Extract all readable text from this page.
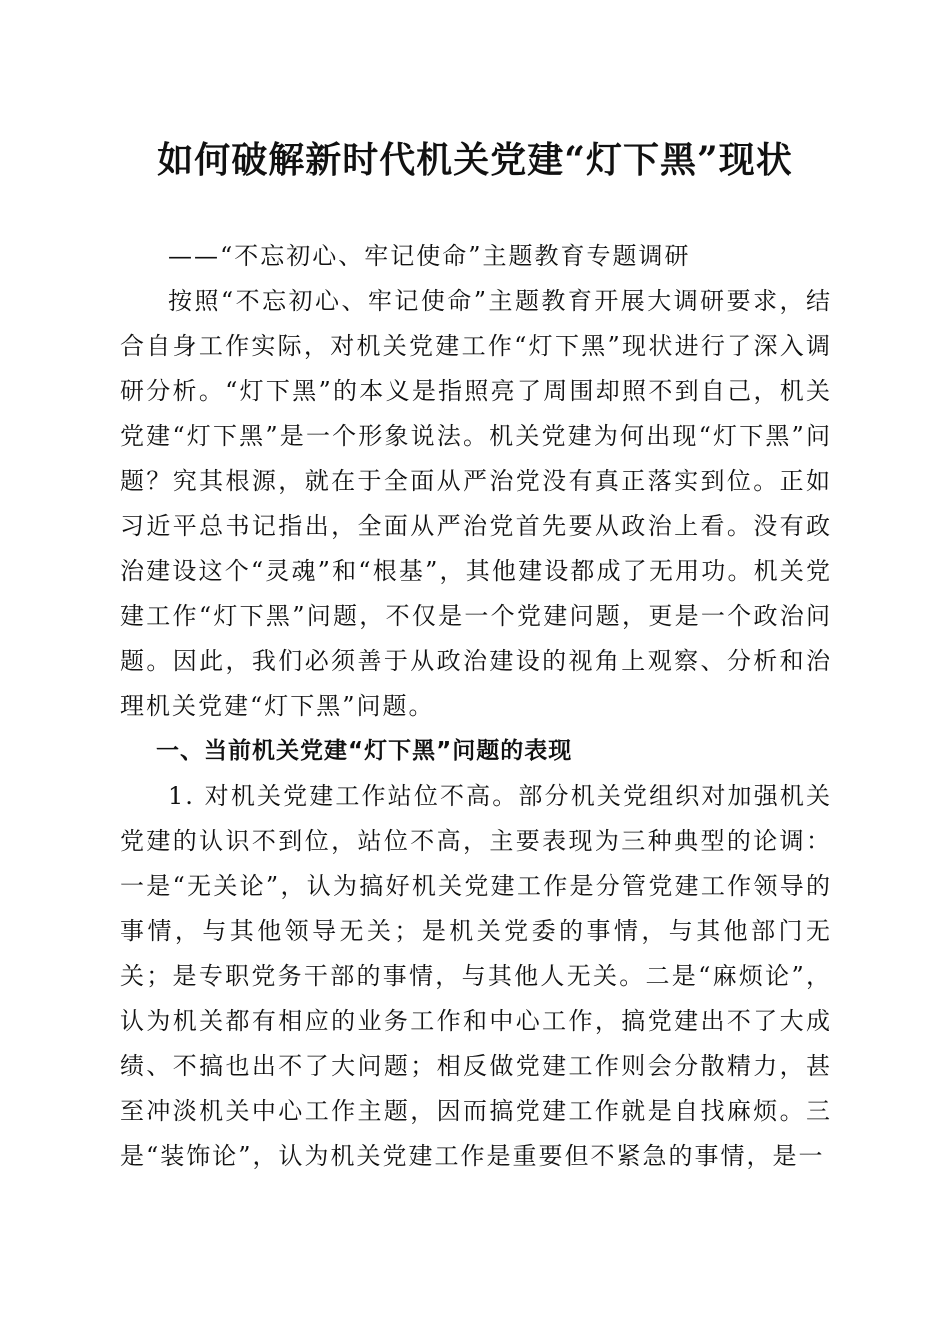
如何破解新时代机关党建“灯下黑”现状

——“不忘初心、牢记使命”主题教育专题调研

按照“不忘初心、牢记使命”主题教育开展大调研要求，结合自身工作实际，对机关党建工作“灯下黑”现状进行了深入调研分析。“灯下黑”的本义是指照亮了周围却照不到自己，机关党建“灯下黑”是一个形象说法。机关党建为何出现“灯下黑”问题？究其根源，就在于全面从严治党没有真正落实到位。正如习近平总书记指出，全面从严治党首先要从政治上看。没有政治建设这个“灵魂”和“根基”，其他建设都成了无用功。机关党建工作“灯下黑”问题，不仅是一个党建问题，更是一个政治问题。因此，我们必须善于从政治建设的视角上观察、分析和治理机关党建“灯下黑”问题。

一、当前机关党建“灯下黑”问题的表现

1. 对机关党建工作站位不高。部分机关党组织对加强机关党建的认识不到位，站位不高，主要表现为三种典型的论调：一是“无关论”，认为搞好机关党建工作是分管党建工作领导的事情，与其他领导无关；是机关党委的事情，与其他部门无关；是专职党务干部的事情，与其他人无关。二是“麻烦论”，认为机关都有相应的业务工作和中心工作，搞党建出不了大成绩、不搞也出不了大问题；相反做党建工作则会分散精力，甚至冲淡机关中心工作主题，因而搞党建工作就是自找麻烦。三是“装饰论”，认为机关党建工作是重要但不紧急的事情，是一
